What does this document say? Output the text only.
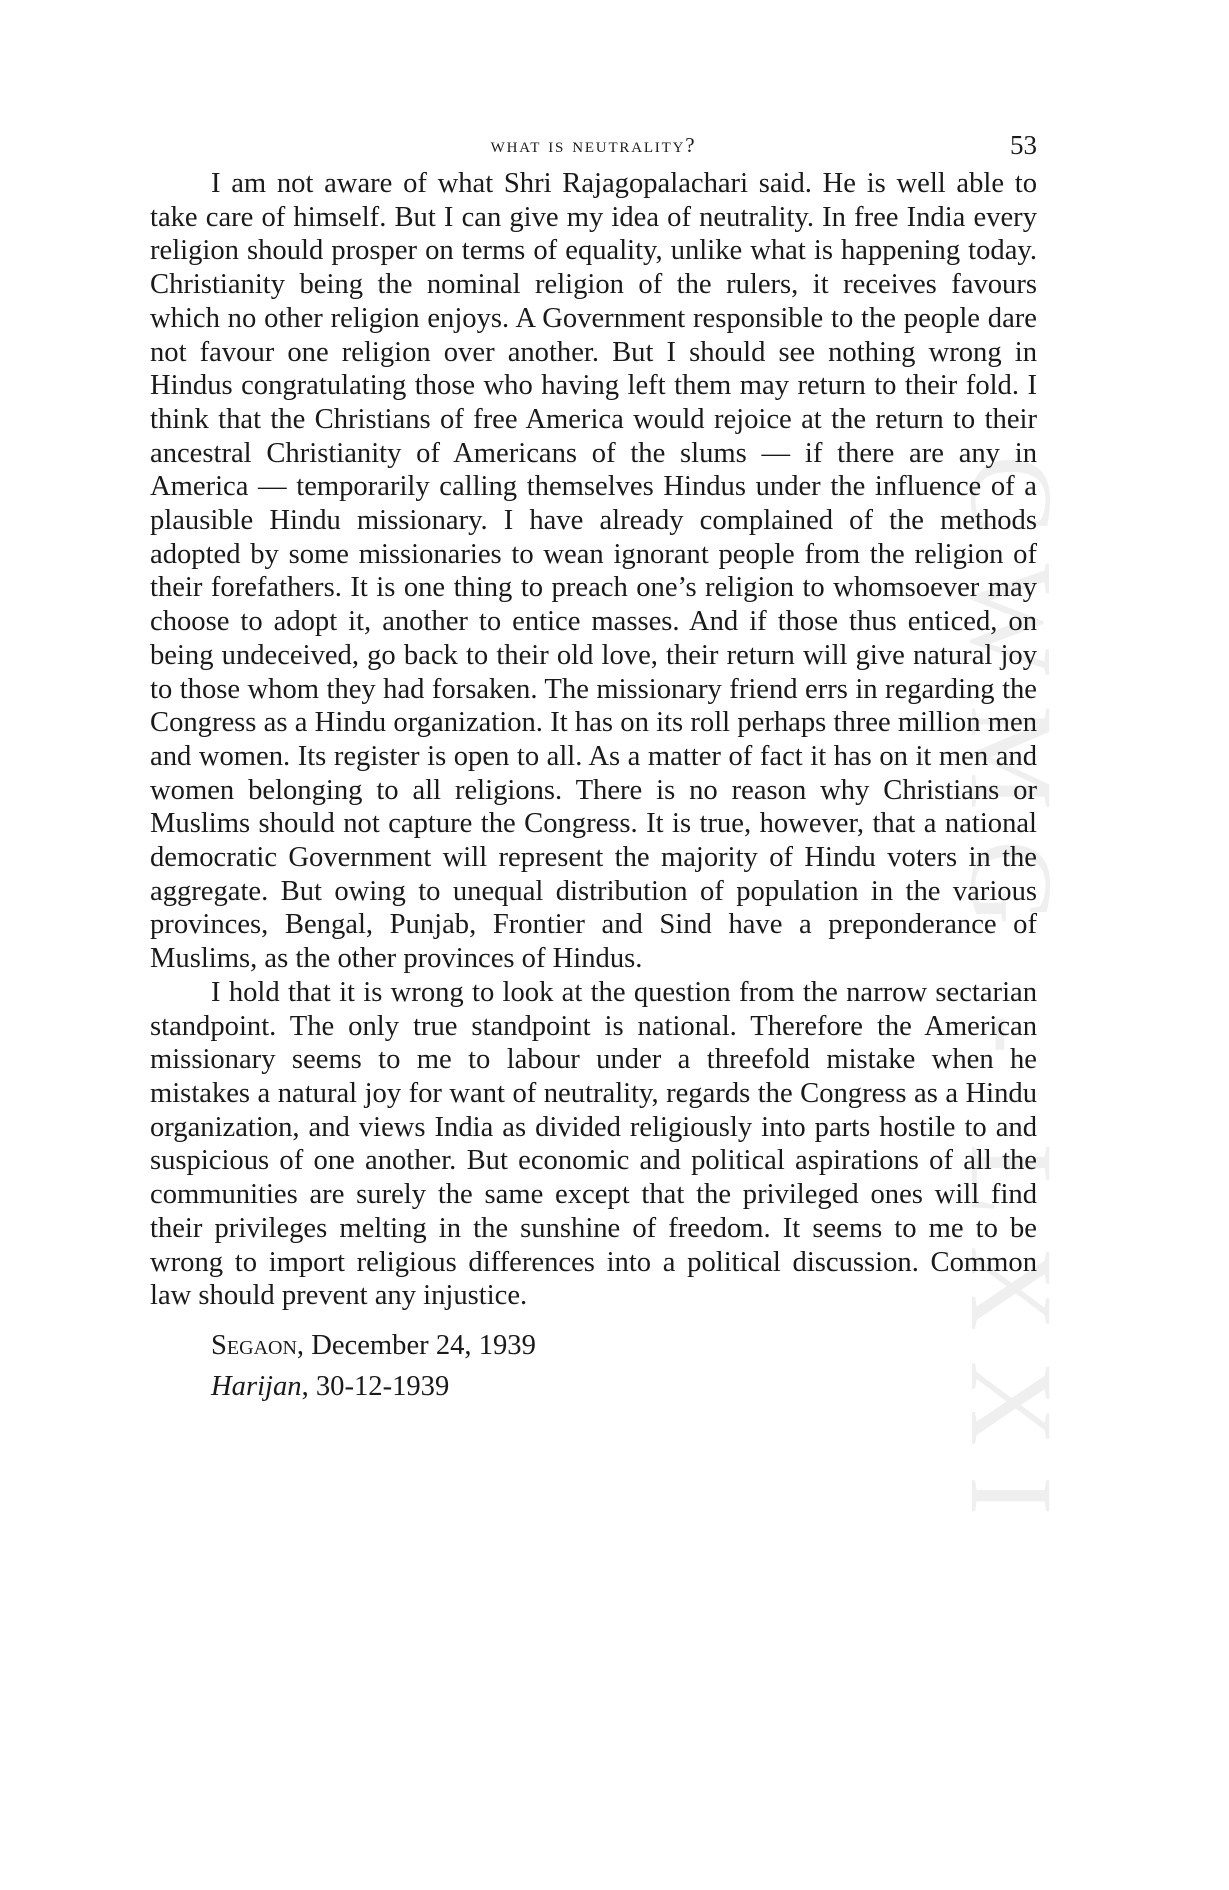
CWMG - LXXI
what is neutrality?	53

I am not aware of what Shri Rajagopalachari said. He is well able to take care of himself. But I can give my idea of neutrality. In free India every religion should prosper on terms of equality, unlike what is happening today. Christianity being the nominal religion of the rulers, it receives favours which no other religion enjoys. A Government responsible to the people dare not favour one religion over another. But I should see nothing wrong in Hindus congratulating those who having left them may return to their fold. I think that the Christians of free America would rejoice at the return to their ancestral Christianity of Americans of the slums — if there are any in America — temporarily calling themselves Hindus under the influence of a plausible Hindu missionary. I have already complained of the methods adopted by some missionaries to wean ignorant people from the religion of their forefathers. It is one thing to preach one’s religion to whomsoever may choose to adopt it, another to entice masses. And if those thus enticed, on being undeceived, go back to their old love, their return will give natural joy to those whom they had forsaken. The missionary friend errs in regarding the Congress as a Hindu organization. It has on its roll perhaps three million men and women. Its register is open to all. As a matter of fact it has on it men and women belonging to all religions. There is no reason why Christians or Muslims should not capture the Congress. It is true, however, that a national democratic Government will represent the majority of Hindu voters in the aggregate. But owing to unequal distribution of population in the various provinces, Bengal, Punjab, Frontier and Sind have a preponderance of Muslims, as the other provinces of Hindus.

I hold that it is wrong to look at the question from the narrow sectarian standpoint. The only true standpoint is national. Therefore the American missionary seems to me to labour under a threefold mistake when he mistakes a natural joy for want of neutrality, regards the Congress as a Hindu organization, and views India as divided religiously into parts hostile to and suspicious of one another. But economic and political aspirations of all the communities are surely the same except that the privileged ones will find their privileges melting in the sunshine of freedom. It seems to me to be wrong to import religious differences into a political discussion. Common law should prevent any injustice.

Segaon, December 24, 1939
Harijan, 30-12-1939
